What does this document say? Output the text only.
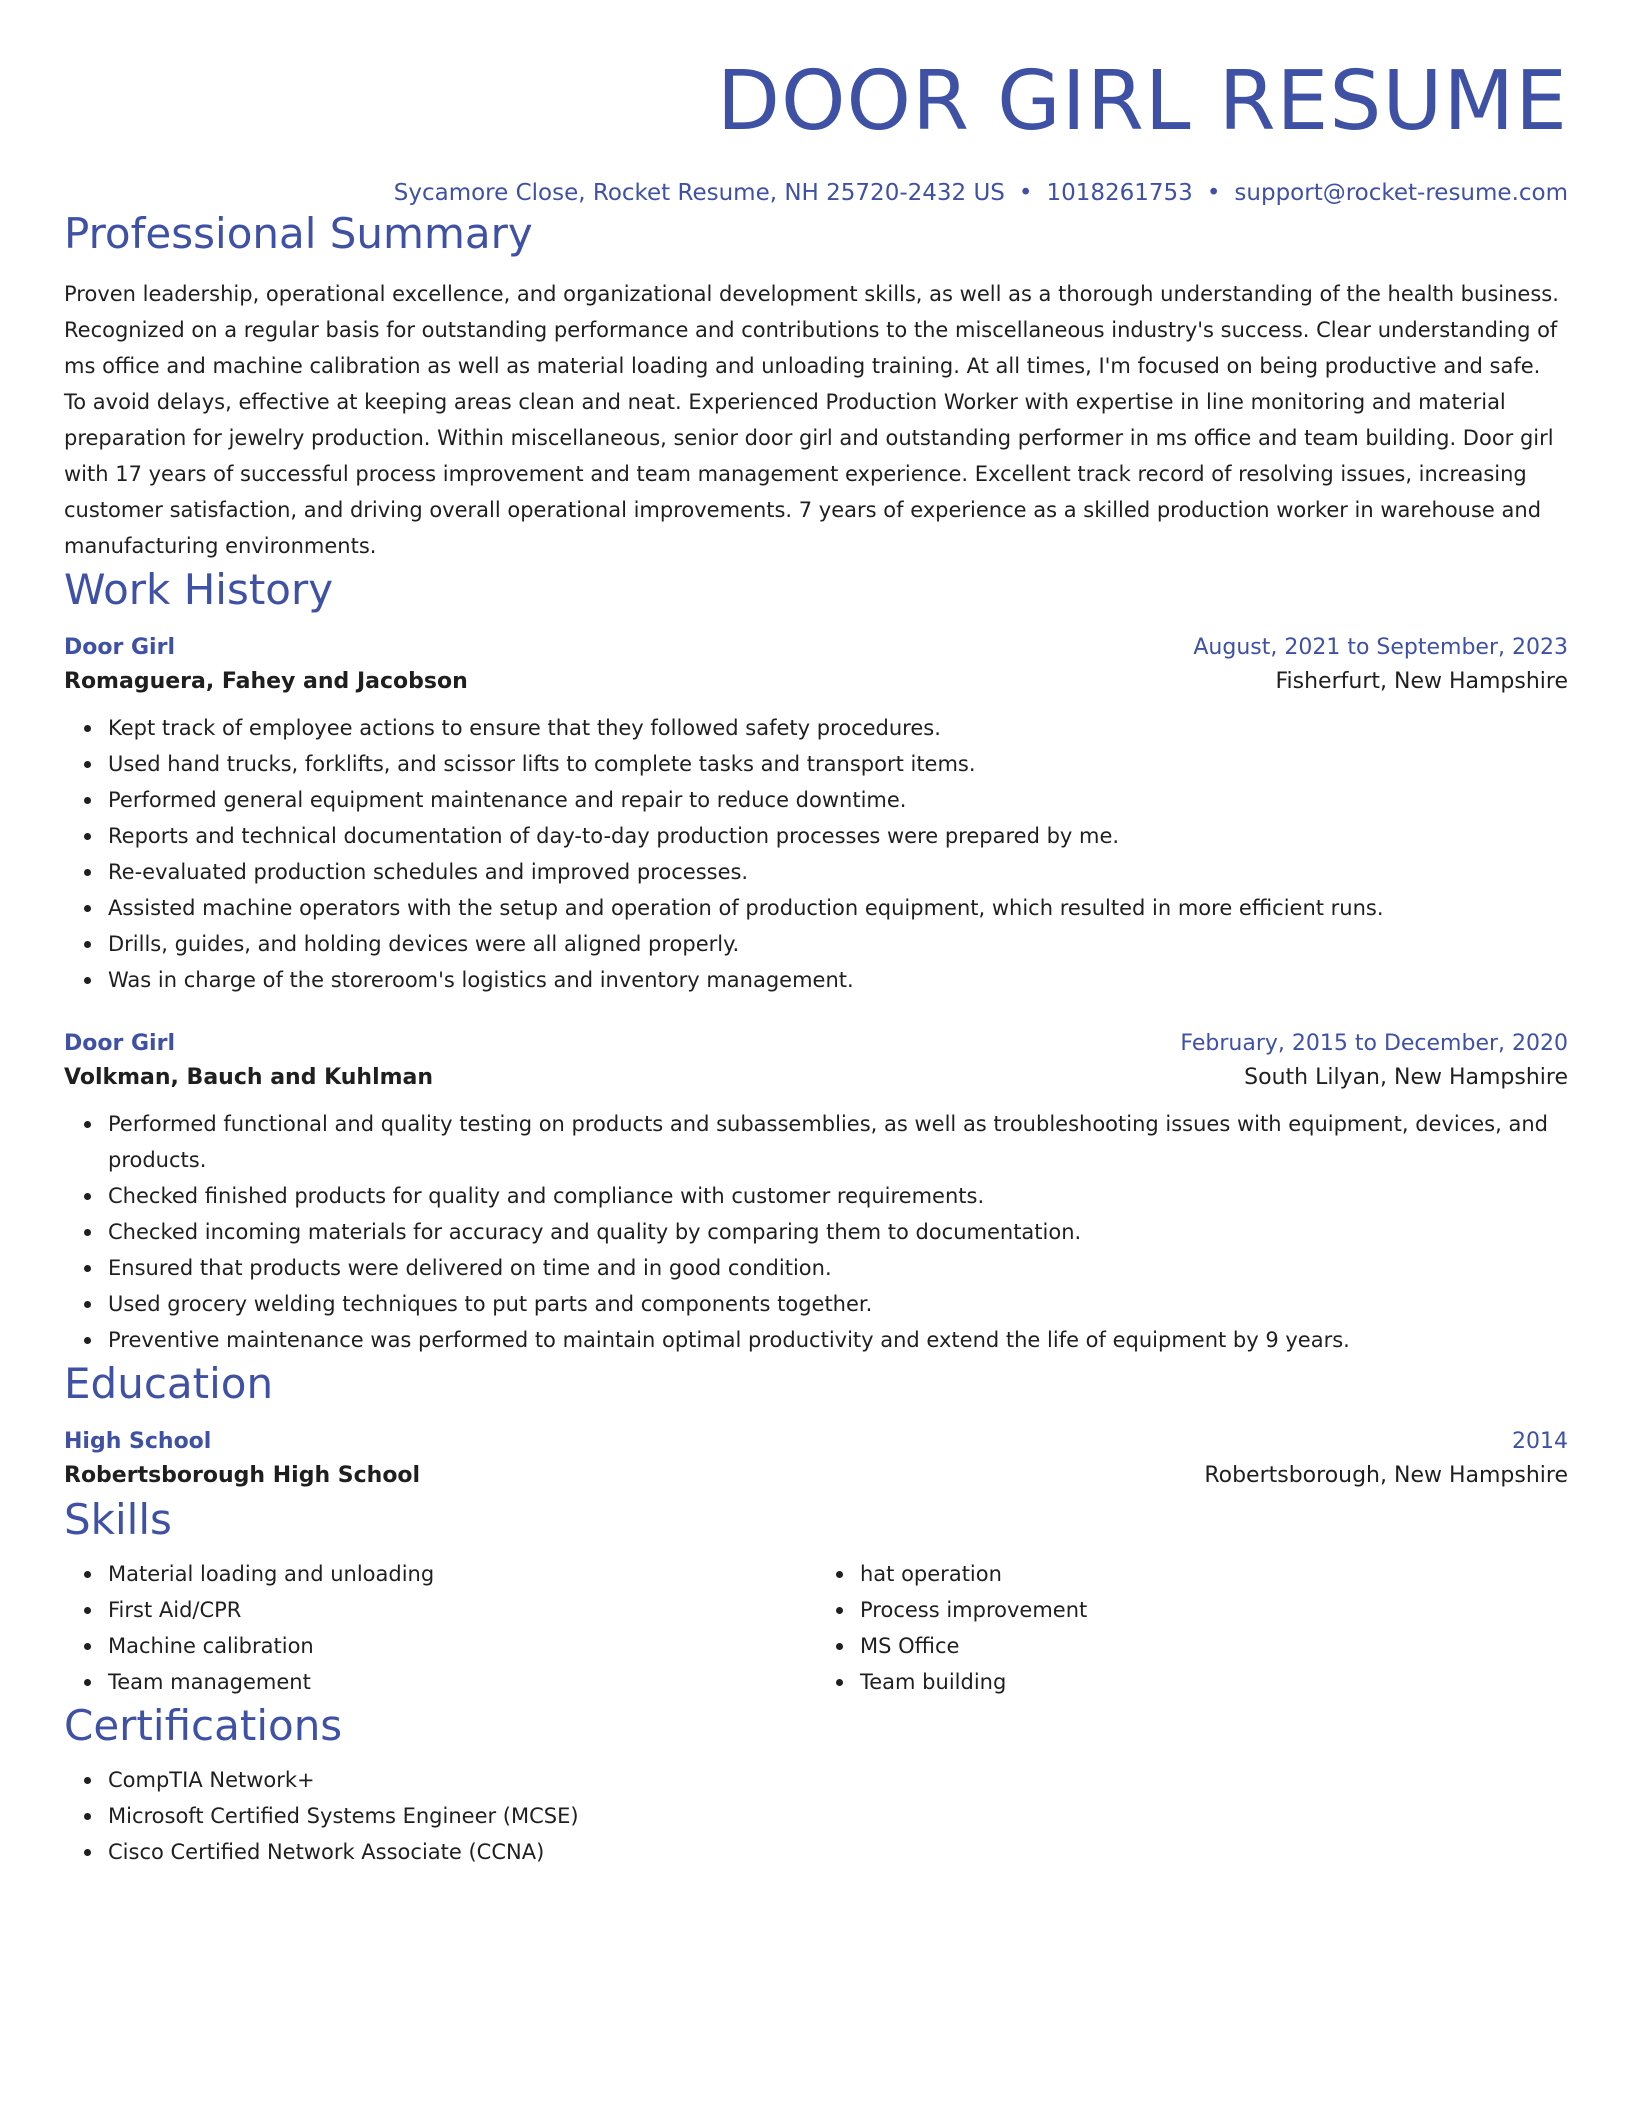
DOOR GIRL RESUME
Sycamore Close, Rocket Resume, NH 25720-2432 US • 1018261753 • support@rocket-resume.com
Professional Summary
Proven leadership, operational excellence, and organizational development skills, as well as a thorough understanding of the health business. Recognized on a regular basis for outstanding performance and contributions to the miscellaneous industry's success. Clear understanding of ms office and machine calibration as well as material loading and unloading training. At all times, I'm focused on being productive and safe. To avoid delays, effective at keeping areas clean and neat. Experienced Production Worker with expertise in line monitoring and material preparation for jewelry production. Within miscellaneous, senior door girl and outstanding performer in ms office and team building. Door girl with 17 years of successful process improvement and team management experience. Excellent track record of resolving issues, increasing customer satisfaction, and driving overall operational improvements. 7 years of experience as a skilled production worker in warehouse and manufacturing environments.
Work History
Door Girl	August, 2021 to September, 2023
Romaguera, Fahey and Jacobson	Fisherfurt, New Hampshire
Kept track of employee actions to ensure that they followed safety procedures.
Used hand trucks, forklifts, and scissor lifts to complete tasks and transport items.
Performed general equipment maintenance and repair to reduce downtime.
Reports and technical documentation of day-to-day production processes were prepared by me.
Re-evaluated production schedules and improved processes.
Assisted machine operators with the setup and operation of production equipment, which resulted in more efficient runs.
Drills, guides, and holding devices were all aligned properly.
Was in charge of the storeroom's logistics and inventory management.
Door Girl	February, 2015 to December, 2020
Volkman, Bauch and Kuhlman	South Lilyan, New Hampshire
Performed functional and quality testing on products and subassemblies, as well as troubleshooting issues with equipment, devices, and products.
Checked finished products for quality and compliance with customer requirements.
Checked incoming materials for accuracy and quality by comparing them to documentation.
Ensured that products were delivered on time and in good condition.
Used grocery welding techniques to put parts and components together.
Preventive maintenance was performed to maintain optimal productivity and extend the life of equipment by 9 years.
Education
High School	2014
Robertsborough High School	Robertsborough, New Hampshire
Skills
Material loading and unloading
First Aid/CPR
Machine calibration
Team management
hat operation
Process improvement
MS Office
Team building
Certifications
CompTIA Network+
Microsoft Certified Systems Engineer (MCSE)
Cisco Certified Network Associate (CCNA)
